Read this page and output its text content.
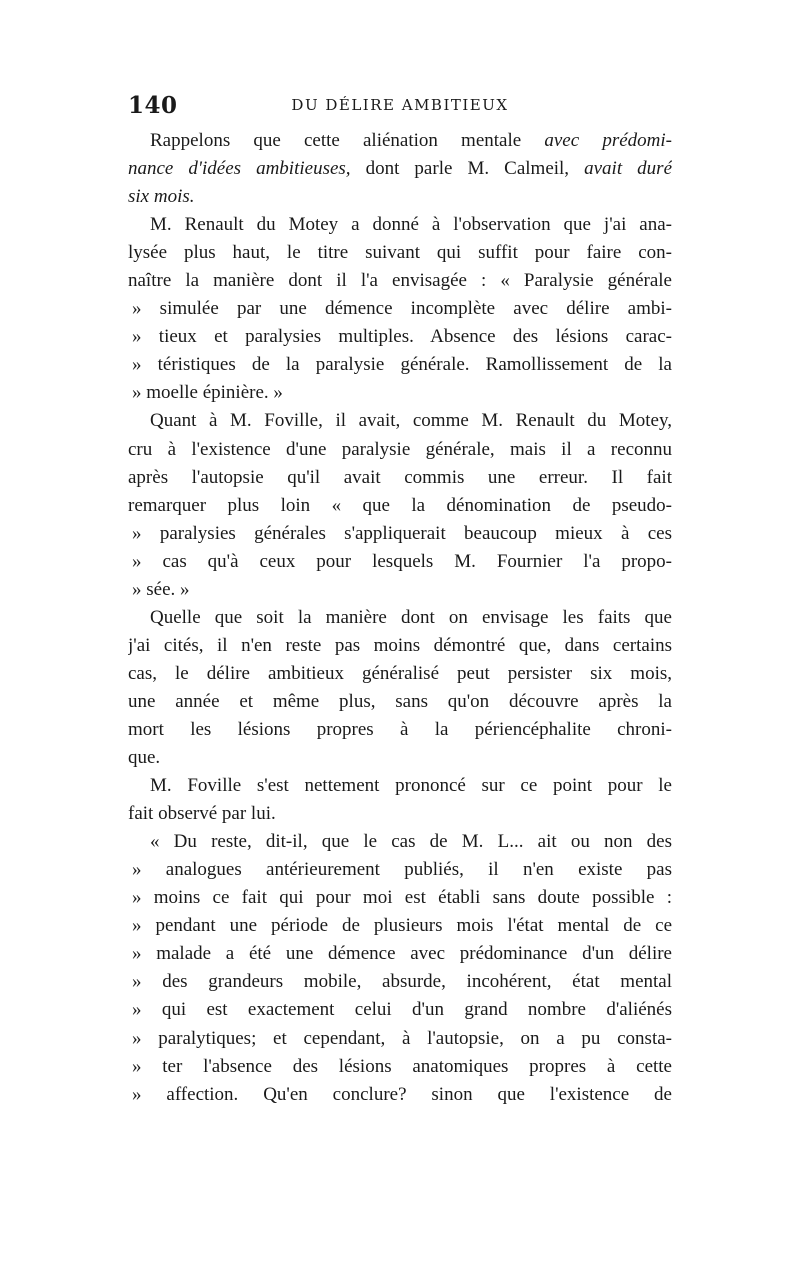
140	DU DÉLIRE AMBITIEUX
Rappelons que cette aliénation mentale avec prédomi-
nance d'idées ambitieuses, dont parle M. Calmeil, avait duré
six mois.
M. Renault du Motey a donné à l'observation que j'ai ana-
lysée plus haut, le titre suivant qui suffit pour faire con-
naître la manière dont il l'a envisagée : « Paralysie générale
» simulée par une démence incomplète avec délire ambi-
» tieux et paralysies multiples. Absence des lésions carac-
» téristiques de la paralysie générale. Ramollissement de la
» moelle épinière. »
Quant à M. Foville, il avait, comme M. Renault du Motey,
cru à l'existence d'une paralysie générale, mais il a reconnu
après l'autopsie qu'il avait commis une erreur. Il fait
remarquer plus loin « que la dénomination de pseudo-
» paralysies générales s'appliquerait beaucoup mieux à ces
» cas qu'à ceux pour lesquels M. Fournier l'a propo-
» sée. »
Quelle que soit la manière dont on envisage les faits que
j'ai cités, il n'en reste pas moins démontré que, dans certains
cas, le délire ambitieux généralisé peut persister six mois,
une année et même plus, sans qu'on découvre après la
mort les lésions propres à la périencéphalite chroni-
que.
M. Foville s'est nettement prononcé sur ce point pour le
fait observé par lui.
« Du reste, dit-il, que le cas de M. L... ait ou non des
» analogues antérieurement publiés, il n'en existe pas
» moins ce fait qui pour moi est établi sans doute possible :
» pendant une période de plusieurs mois l'état mental de ce
» malade a été une démence avec prédominance d'un délire
» des grandeurs mobile, absurde, incohérent, état mental
» qui est exactement celui d'un grand nombre d'aliénés
» paralytiques; et cependant, à l'autopsie, on a pu consta-
» ter l'absence des lésions anatomiques propres à cette
» affection. Qu'en conclure? sinon que l'existence de
